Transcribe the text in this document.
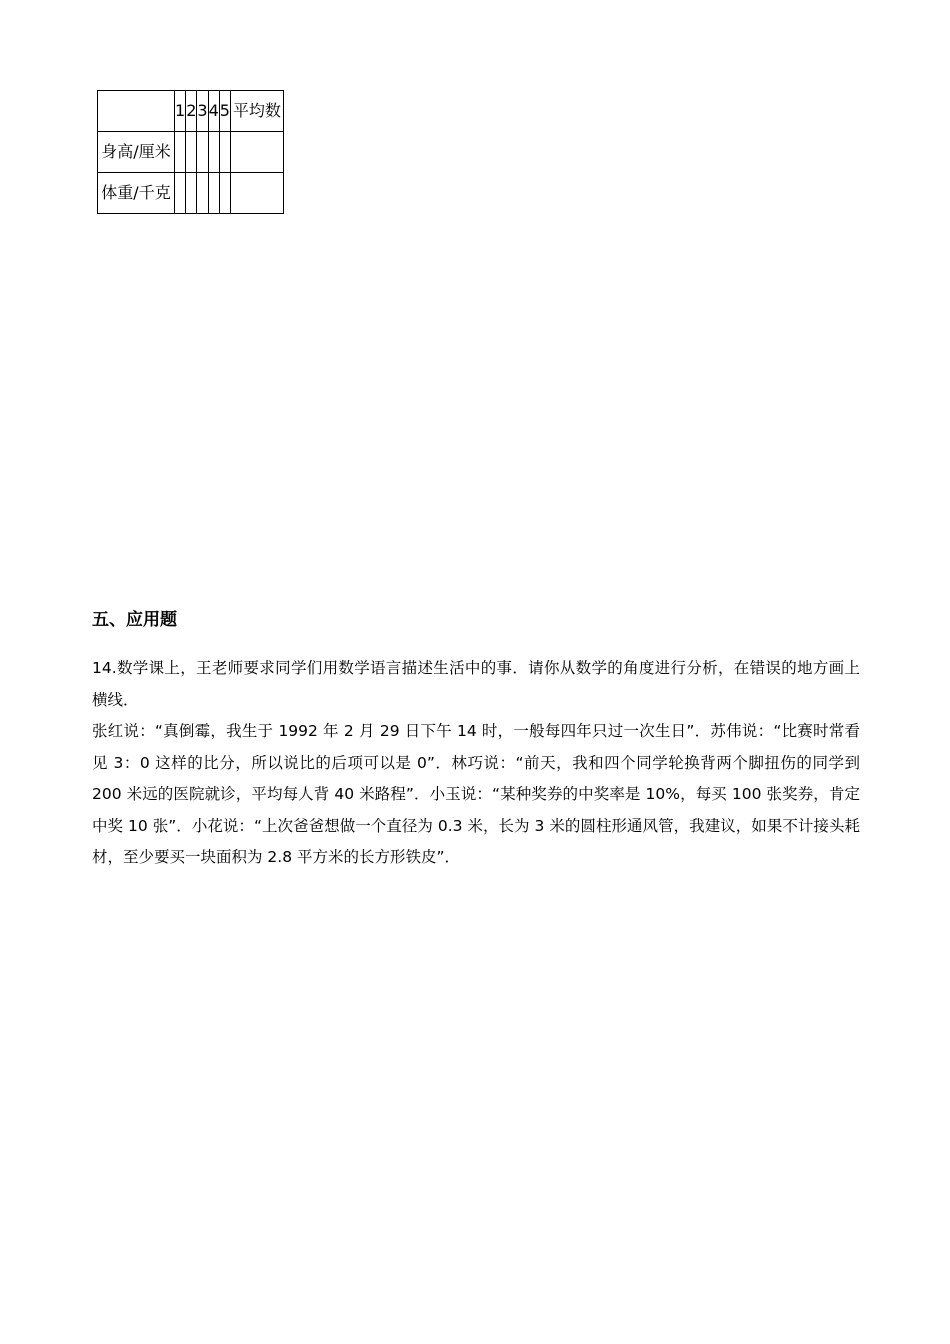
	1	2	3	4	5	平均数
身高/厘米						
体重/千克						
五、应用题

14.数学课上，王老师要求同学们用数学语言描述生活中的事．请你从数学的角度进行分析，在错误的地方画上横线．

张红说：“真倒霉，我生于 1992 年 2 月 29 日下午 14 时，一般每四年只过一次生日”．苏伟说：“比赛时常看见 3：0 这样的比分，所以说比的后项可以是 0”．林巧说：“前天，我和四个同学轮换背两个脚扭伤的同学到 200 米远的医院就诊，平均每人背 40 米路程”．小玉说：“某种奖券的中奖率是 10%，每买 100 张奖券，肯定中奖 10 张”．小花说：“上次爸爸想做一个直径为 0.3 米，长为 3 米的圆柱形通风管，我建议，如果不计接头耗材，至少要买一块面积为 2.8 平方米的长方形铁皮”．
